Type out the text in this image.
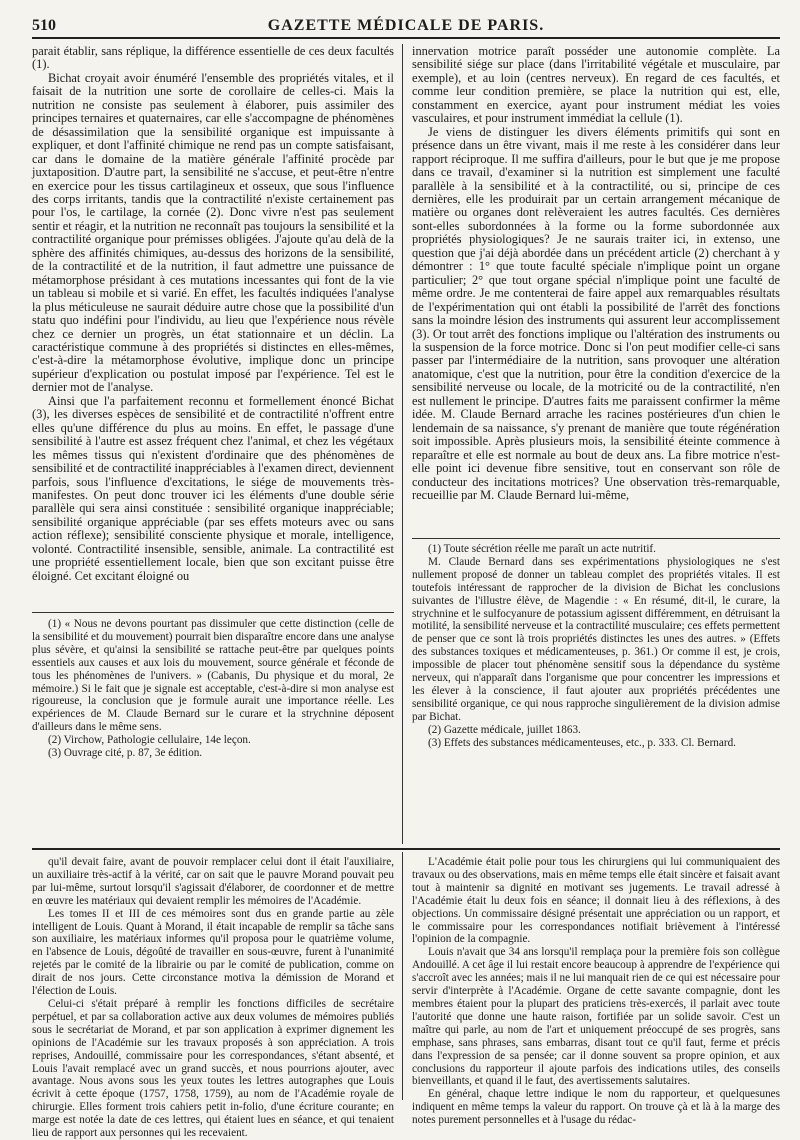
510	GAZETTE MÉDICALE DE PARIS.

parait établir, sans réplique, la différence essentielle de ces deux facultés (1).

Bichat croyait avoir énuméré l'ensemble des propriétés vitales, et il faisait de la nutrition une sorte de corollaire de celles-ci. Mais la nutrition ne consiste pas seulement à élaborer, puis assimiler des principes ternaires et quaternaires, car elle s'accompagne de phénomènes de désassimilation que la sensibilité organique est impuissante à expliquer, et dont l'affinité chimique ne rend pas un compte satisfaisant, car dans le domaine de la matière générale l'affinité procède par juxtaposition. D'autre part, la sensibilité ne s'accuse, et peut-être n'entre en exercice pour les tissus cartilagineux et osseux, que sous l'influence des corps irritants, tandis que la contractilité n'existe certainement pas pour l'os, le cartilage, la cornée (2). Donc vivre n'est pas seulement sentir et réagir, et la nutrition ne reconnaît pas toujours la sensibilité et la contractilité organique pour prémisses obligées. J'ajoute qu'au delà de la sphère des affinités chimiques, au-dessus des horizons de la sensibilité, de la contractilité et de la nutrition, il faut admettre une puissance de métamorphose présidant à ces mutations incessantes qui font de la vie un tableau si mobile et si varié. En effet, les facultés indiquées l'analyse la plus méticuleuse ne saurait déduire autre chose que la possibilité d'un statu quo indéfini pour l'individu, au lieu que l'expérience nous révèle chez ce dernier un progrès, un état stationnaire et un déclin. La caractéristique commune à des propriétés si distinctes en elles-mêmes, c'est-à-dire la métamorphose évolutive, implique donc un principe supérieur d'explication ou postulat imposé par l'expérience. Tel est le dernier mot de l'analyse.

Ainsi que l'a parfaitement reconnu et formellement énoncé Bichat (3), les diverses espèces de sensibilité et de contractilité n'offrent entre elles qu'une différence du plus au moins. En effet, le passage d'une sensibilité à l'autre est assez fréquent chez l'animal, et chez les végétaux les mêmes tissus qui n'existent d'ordinaire que des phénomènes de sensibilité et de contractilité inappréciables à l'examen direct, deviennent parfois, sous l'influence d'excitations, le siége de mouvements très-manifestes. On peut donc trouver ici les éléments d'une double série parallèle qui sera ainsi constituée : sensibilité organique inappréciable; sensibilité organique appréciable (par ses effets moteurs avec ou sans action réflexe); sensibilité consciente physique et morale, intelligence, volonté. Contractilité insensible, sensible, animale. La contractilité est une propriété essentiellement locale, bien que son excitant puisse être éloigné. Cet excitant éloigné ou

innervation motrice paraît posséder une autonomie complète. La sensibilité siége sur place (dans l'irritabilité végétale et musculaire, par exemple), et au loin (centres nerveux). En regard de ces facultés, et comme leur condition première, se place la nutrition qui est, elle, constamment en exercice, ayant pour instrument médiat les voies vasculaires, et pour instrument immédiat la cellule (1).

Je viens de distinguer les divers éléments primitifs qui sont en présence dans un être vivant, mais il me reste à les considérer dans leur rapport réciproque. Il me suffira d'ailleurs, pour le but que je me propose dans ce travail, d'examiner si la nutrition est simplement une faculté parallèle à la sensibilité et à la contractilité, ou si, principe de ces dernières, elle les produirait par un certain arrangement mécanique de matière ou organes dont relèveraient les autres facultés. Ces dernières sont-elles subordonnées à la forme ou la forme subordonnée aux propriétés physiologiques? Je ne saurais traiter ici, in extenso, une question que j'ai déjà abordée dans un précédent article (2) cherchant à y démontrer : 1° que toute faculté spéciale n'implique point un organe particulier; 2° que tout organe spécial n'implique point une faculté de même ordre. Je me contenterai de faire appel aux remarquables résultats de l'expérimentation qui ont établi la possibilité de l'arrêt des fonctions sans la moindre lésion des instruments qui assurent leur accomplissement (3). Or tout arrêt des fonctions implique ou l'altération des instruments ou la suspension de la force motrice. Donc si l'on peut modifier celle-ci sans passer par l'intermédiaire de la nutrition, sans provoquer une altération anatomique, c'est que la nutrition, pour être la condition d'exercice de la sensibilité nerveuse ou locale, de la motricité ou de la contractilité, n'en est nullement le principe. D'autres faits me paraissent confirmer la même idée. M. Claude Bernard arrache les racines postérieures d'un chien le lendemain de sa naissance, s'y prenant de manière que toute régénération soit impossible. Après plusieurs mois, la sensibilité éteinte commence à reparaître et elle est normale au bout de deux ans. La fibre motrice n'est-elle point ici devenue fibre sensitive, tout en conservant son rôle de conducteur des incitations motrices? Une observation très-remarquable, recueillie par M. Claude Bernard lui-même,

(1) « Nous ne devons pourtant pas dissimuler que cette distinction (celle de la sensibilité et du mouvement) pourrait bien disparaître encore dans une analyse plus sévère, et qu'ainsi la sensibilité se rattache peut-être par quelques points essentiels aux causes et aux lois du mouvement, source générale et féconde de tous les phénomènes de l'univers. » (Cabanis, Du physique et du moral, 2e mémoire.) Si le fait que je signale est acceptable, c'est-à-dire si mon analyse est rigoureuse, la conclusion que je formule aurait une importance réelle. Les expériences de M. Claude Bernard sur le curare et la strychnine déposent d'ailleurs dans le même sens.

(2) Virchow, Pathologie cellulaire, 14e leçon.

(3) Ouvrage cité, p. 87, 3e édition.

(1) Toute sécrétion réelle me paraît un acte nutritif.

M. Claude Bernard dans ses expérimentations physiologiques ne s'est nullement proposé de donner un tableau complet des propriétés vitales. Il est toutefois intéressant de rapprocher de la division de Bichat les conclusions suivantes de l'illustre élève, de Magendie : « En résumé, dit-il, le curare, la strychnine et le sulfocyanure de potassium agissent différemment, en détruisant la motilité, la sensibilité nerveuse et la contractilité musculaire; ces effets permettent de penser que ce sont là trois propriétés distinctes les unes des autres. » (Effets des substances toxiques et médicamenteuses, p. 361.) Or comme il est, je crois, impossible de placer tout phénomène sensitif sous la dépendance du système nerveux, qui n'apparaît dans l'organisme que pour concentrer les impressions et les élever à la conscience, il faut ajouter aux propriétés précédentes une sensibilité organique, ce qui nous rapproche singulièrement de la division admise par Bichat.

(2) Gazette médicale, juillet 1863.

(3) Effets des substances médicamenteuses, etc., p. 333. Cl. Bernard.

qu'il devait faire, avant de pouvoir remplacer celui dont il était l'auxiliaire, un auxiliaire très-actif à la vérité, car on sait que le pauvre Morand pouvait peu par lui-même, surtout lorsqu'il s'agissait d'élaborer, de coordonner et de mettre en œuvre les matériaux qui devaient remplir les mémoires de l'Académie.

Les tomes II et III de ces mémoires sont dus en grande partie au zèle intelligent de Louis. Quant à Morand, il était incapable de remplir sa tâche sans son auxiliaire, les matériaux informes qu'il proposa pour le quatrième volume, en l'absence de Louis, dégoûté de travailler en sous-œuvre, furent à l'unanimité rejetés par le comité de la librairie ou par le comité de publication, comme on dirait de nos jours. Cette circonstance motiva la démission de Morand et l'élection de Louis.

Celui-ci s'était préparé à remplir les fonctions difficiles de secrétaire perpétuel, et par sa collaboration active aux deux volumes de mémoires publiés sous le secrétariat de Morand, et par son application à exprimer dignement les opinions de l'Académie sur les travaux proposés à son appréciation. A trois reprises, Andouillé, commissaire pour les correspondances, s'étant absenté, et Louis l'avait remplacé avec un grand succès, et nous pourrions ajouter, avec avantage. Nous avons sous les yeux toutes les lettres autographes que Louis écrivit à cette époque (1757, 1758, 1759), au nom de l'Académie royale de chirurgie. Elles forment trois cahiers petit in-folio, d'une écriture courante; en marge est notée la date de ces lettres, qui étaient lues en séance, et qui tenaient lieu de rapport aux personnes qui les recevaient.

L'Académie était polie pour tous les chirurgiens qui lui communiquaient des travaux ou des observations, mais en même temps elle était sincère et faisait avant tout à maintenir sa dignité en motivant ses jugements. Le travail adressé à l'Académie était lu deux fois en séance; il donnait lieu à des réflexions, à des objections. Un commissaire désigné présentait une appréciation ou un rapport, et le commissaire pour les correspondances notifiait brièvement à l'intéressé l'opinion de la compagnie.

Louis n'avait que 34 ans lorsqu'il remplaça pour la première fois son collègue Andouillé. A cet âge il lui restait encore beaucoup à apprendre de l'expérience qui s'accroît avec les années; mais il ne lui manquait rien de ce qui est nécessaire pour servir d'interprète à l'Académie. Organe de cette savante compagnie, dont les membres étaient pour la plupart des praticiens très-exercés, il parlait avec toute l'autorité que donne une haute raison, fortifiée par un solide savoir. C'est un maître qui parle, au nom de l'art et uniquement préoccupé de ses progrès, sans emphase, sans phrases, sans embarras, disant tout ce qu'il faut, ferme et précis dans l'expression de sa pensée; car il donne souvent sa propre opinion, et aux conclusions du rapporteur il ajoute parfois des indications utiles, des conseils bienveillants, et quand il le faut, des avertissements salutaires.

En général, chaque lettre indique le nom du rapporteur, et quelquesunes indiquent en même temps la valeur du rapport. On trouve çà et là à la marge des notes purement personnelles et à l'usage du rédac-
